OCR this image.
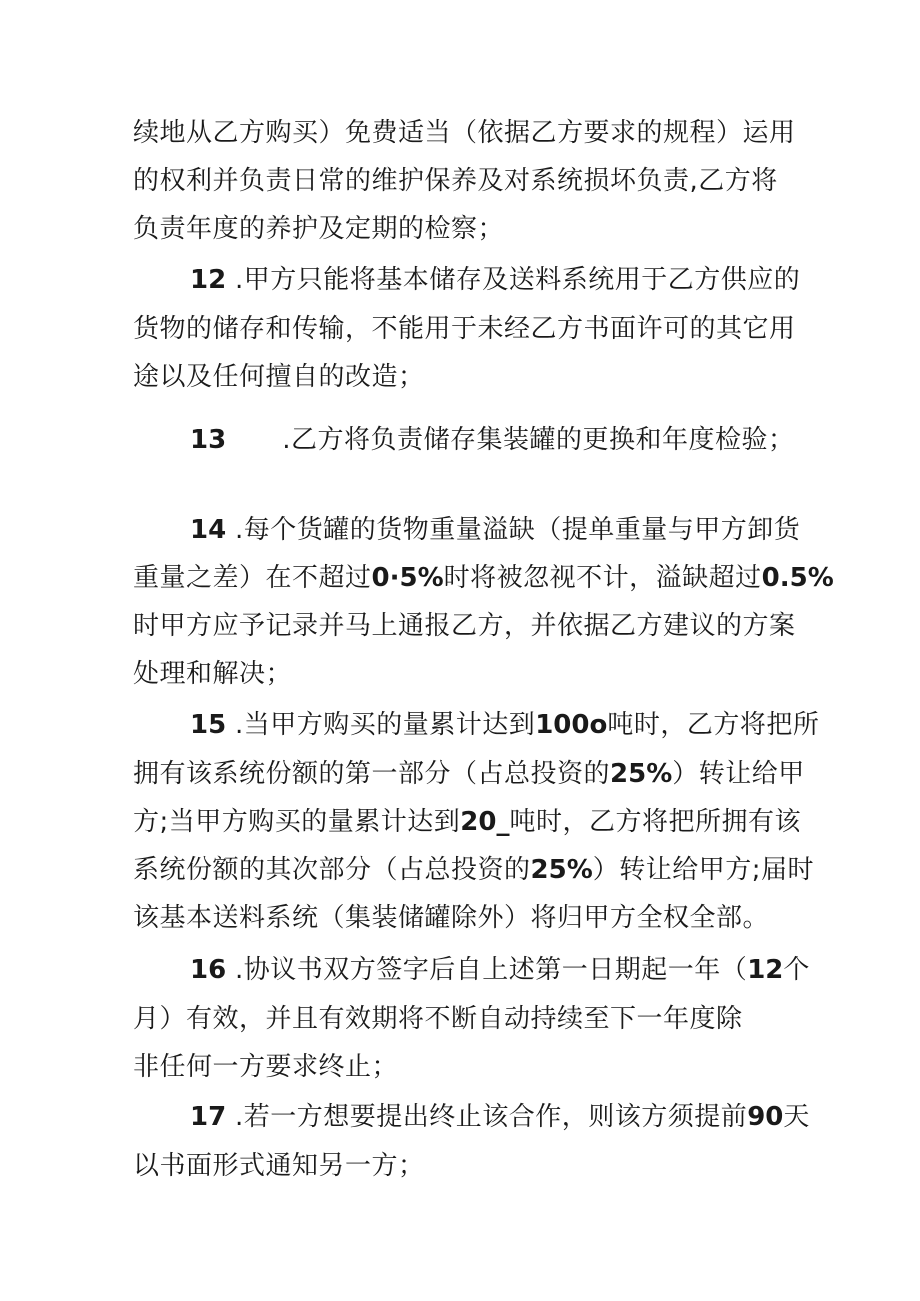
续地从乙方购买）免费适当（依据乙方要求的规程）运用
的权利并负责日常的维护保养及对系统损坏负责,乙方将
负责年度的养护及定期的检察；
12 .甲方只能将基本储存及送料系统用于乙方供应的
货物的储存和传输，不能用于未经乙方书面许可的其它用
途以及任何擅自的改造；
13 .乙方将负责储存集装罐的更换和年度检验；
14 .每个货罐的货物重量溢缺（提单重量与甲方卸货
重量之差）在不超过0·5%时将被忽视不计，溢缺超过0.5%
时甲方应予记录并马上通报乙方，并依据乙方建议的方案
处理和解决；
15 .当甲方购买的量累计达到100o吨时，乙方将把所
拥有该系统份额的第一部分（占总投资的25%）转让给甲
方;当甲方购买的量累计达到20_吨时，乙方将把所拥有该
系统份额的其次部分（占总投资的25%）转让给甲方;届时
该基本送料系统（集装储罐除外）将归甲方全权全部。
16 .协议书双方签字后自上述第一日期起一年（12个
月）有效，并且有效期将不断自动持续至下一年度除
非任何一方要求终止；
17 .若一方想要提出终止该合作，则该方须提前90天
以书面形式通知另一方；
